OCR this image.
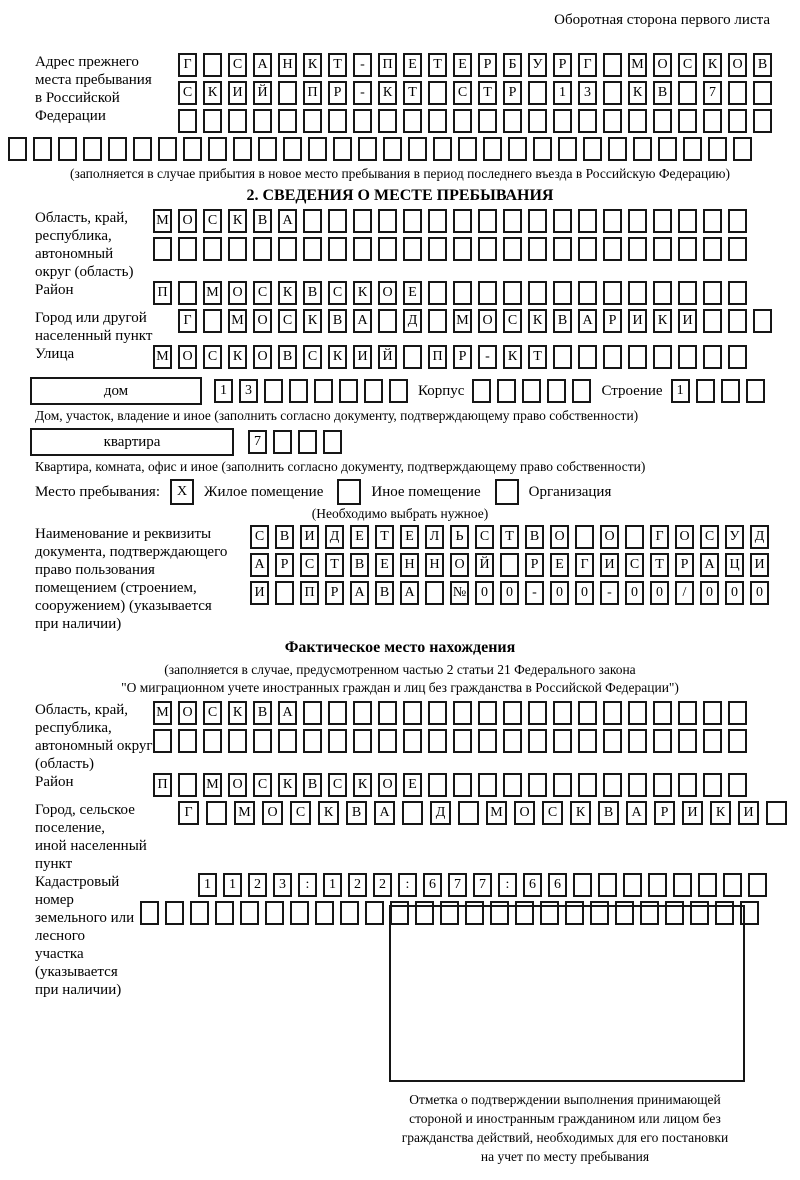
Оборотная сторона первого листа
Адрес прежнего
места пребывания
в Российской
Федерации
Г	С	А	Н	К	Т	-	П	Е	Т	Е	Р	Б	У	Р	Г	М О	С	К	О	В
С	К	И	Й	П	Р	-	К	Т	С	Т	Р	1	3	К	В	7
(заполняется в случае прибытия в новое место пребывания в период последнего въезда в Российскую Федерацию)
2. СВЕДЕНИЯ О МЕСТЕ ПРЕБЫВАНИЯ
Область, край,
республика,
автономный
округ (область)
М О	С	К	В	А
Район	П	М О	С	К	В	С	К	О	Е
Город или другой
населенный пункт
Г	М О	С	К	В	А	Д	М О	С	К	В	А	Р	И	К	И
Улица	М О	С	К	О	В	С	К	И	Й	П	Р	-	К	Т
дом	1	3	Корпус	Строение	1
Дом, участок, владение и иное (заполнить согласно документу, подтверждающему право собственности)
квартира	7
Квартира, комната, офис и иное (заполнить согласно документу, подтверждающему право собственности)
Место пребывания:	X	Жилое помещение	Иное помещение	Организация
(Необходимо выбрать нужное)
Наименование и реквизиты
документа, подтверждающего
право пользования
помещением (строением,
сооружением) (указывается
при наличии)
С	В	И	Д	Е	Т	Е	Л	Ь	С	Т	В	О	О	Г	О	С	У	Д
А	Р	С	Т	В	Е	Н	Н	О	Й	Р	Е	Г	И	С	Т	Р	А	Ц	И
И	П	Р	А	В	А	№	0	0	-	0	0	-	0	0	/	0	0	0
Фактическое место нахождения
(заполняется в случае, предусмотренном частью 2 статьи 21 Федерального закона
"О миграционном учете иностранных граждан и лиц без гражданства в Российской Федерации")
Область, край,
республика,
автономный округ
(область)
М О	С	К	В	А
Район	П	М О	С	К	В	С	К	О	Е
Город, сельское поселение,
иной населенный пункт
Г	М	О	С	К	В	А	Д	М	О	С	К	В	А	Р	И	К	И
Кадастровый номер
земельного или лесного
участка (указывается
при наличии)
1	1	2	3	:	1	2	2	:	6	7	7	:	6	6
Отметка о подтверждении выполнения принимающей
стороной и иностранным гражданином или лицом без
гражданства действий, необходимых для его постановки
на учет по месту пребывания
